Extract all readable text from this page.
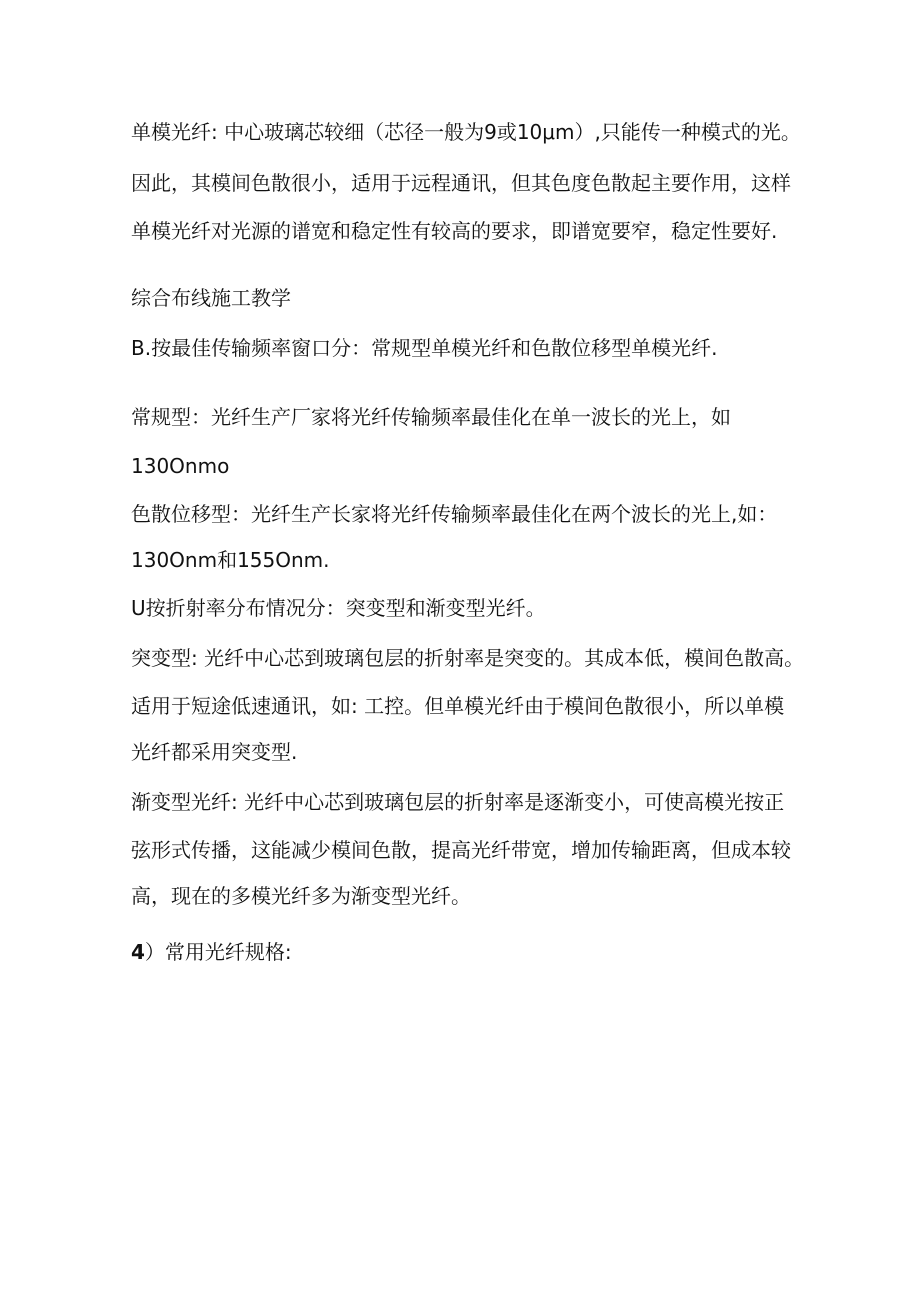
单模光纤: 中心玻璃芯较细（芯径一般为9或10μm）,只能传一种模式的光。

因此，其模间色散很小，适用于远程通讯，但其色度色散起主要作用，这样

单模光纤对光源的谱宽和稳定性有较高的要求，即谱宽要窄，稳定性要好.

综合布线施工教学

B.按最佳传输频率窗口分：常规型单模光纤和色散位移型单模光纤.

常规型：光纤生产厂家将光纤传输频率最佳化在单一波长的光上，如

130Onmo

色散位移型：光纤生产长家将光纤传输频率最佳化在两个波长的光上,如：

130Onm和155Onm.

U按折射率分布情况分：突变型和渐变型光纤。

突变型: 光纤中心芯到玻璃包层的折射率是突变的。其成本低，模间色散高。

适用于短途低速通讯，如: 工控。但单模光纤由于模间色散很小，所以单模

光纤都采用突变型.

渐变型光纤: 光纤中心芯到玻璃包层的折射率是逐渐变小，可使高模光按正

弦形式传播，这能减少模间色散，提高光纤带宽，增加传输距离，但成本较

高，现在的多模光纤多为渐变型光纤。

4）常用光纤规格:
